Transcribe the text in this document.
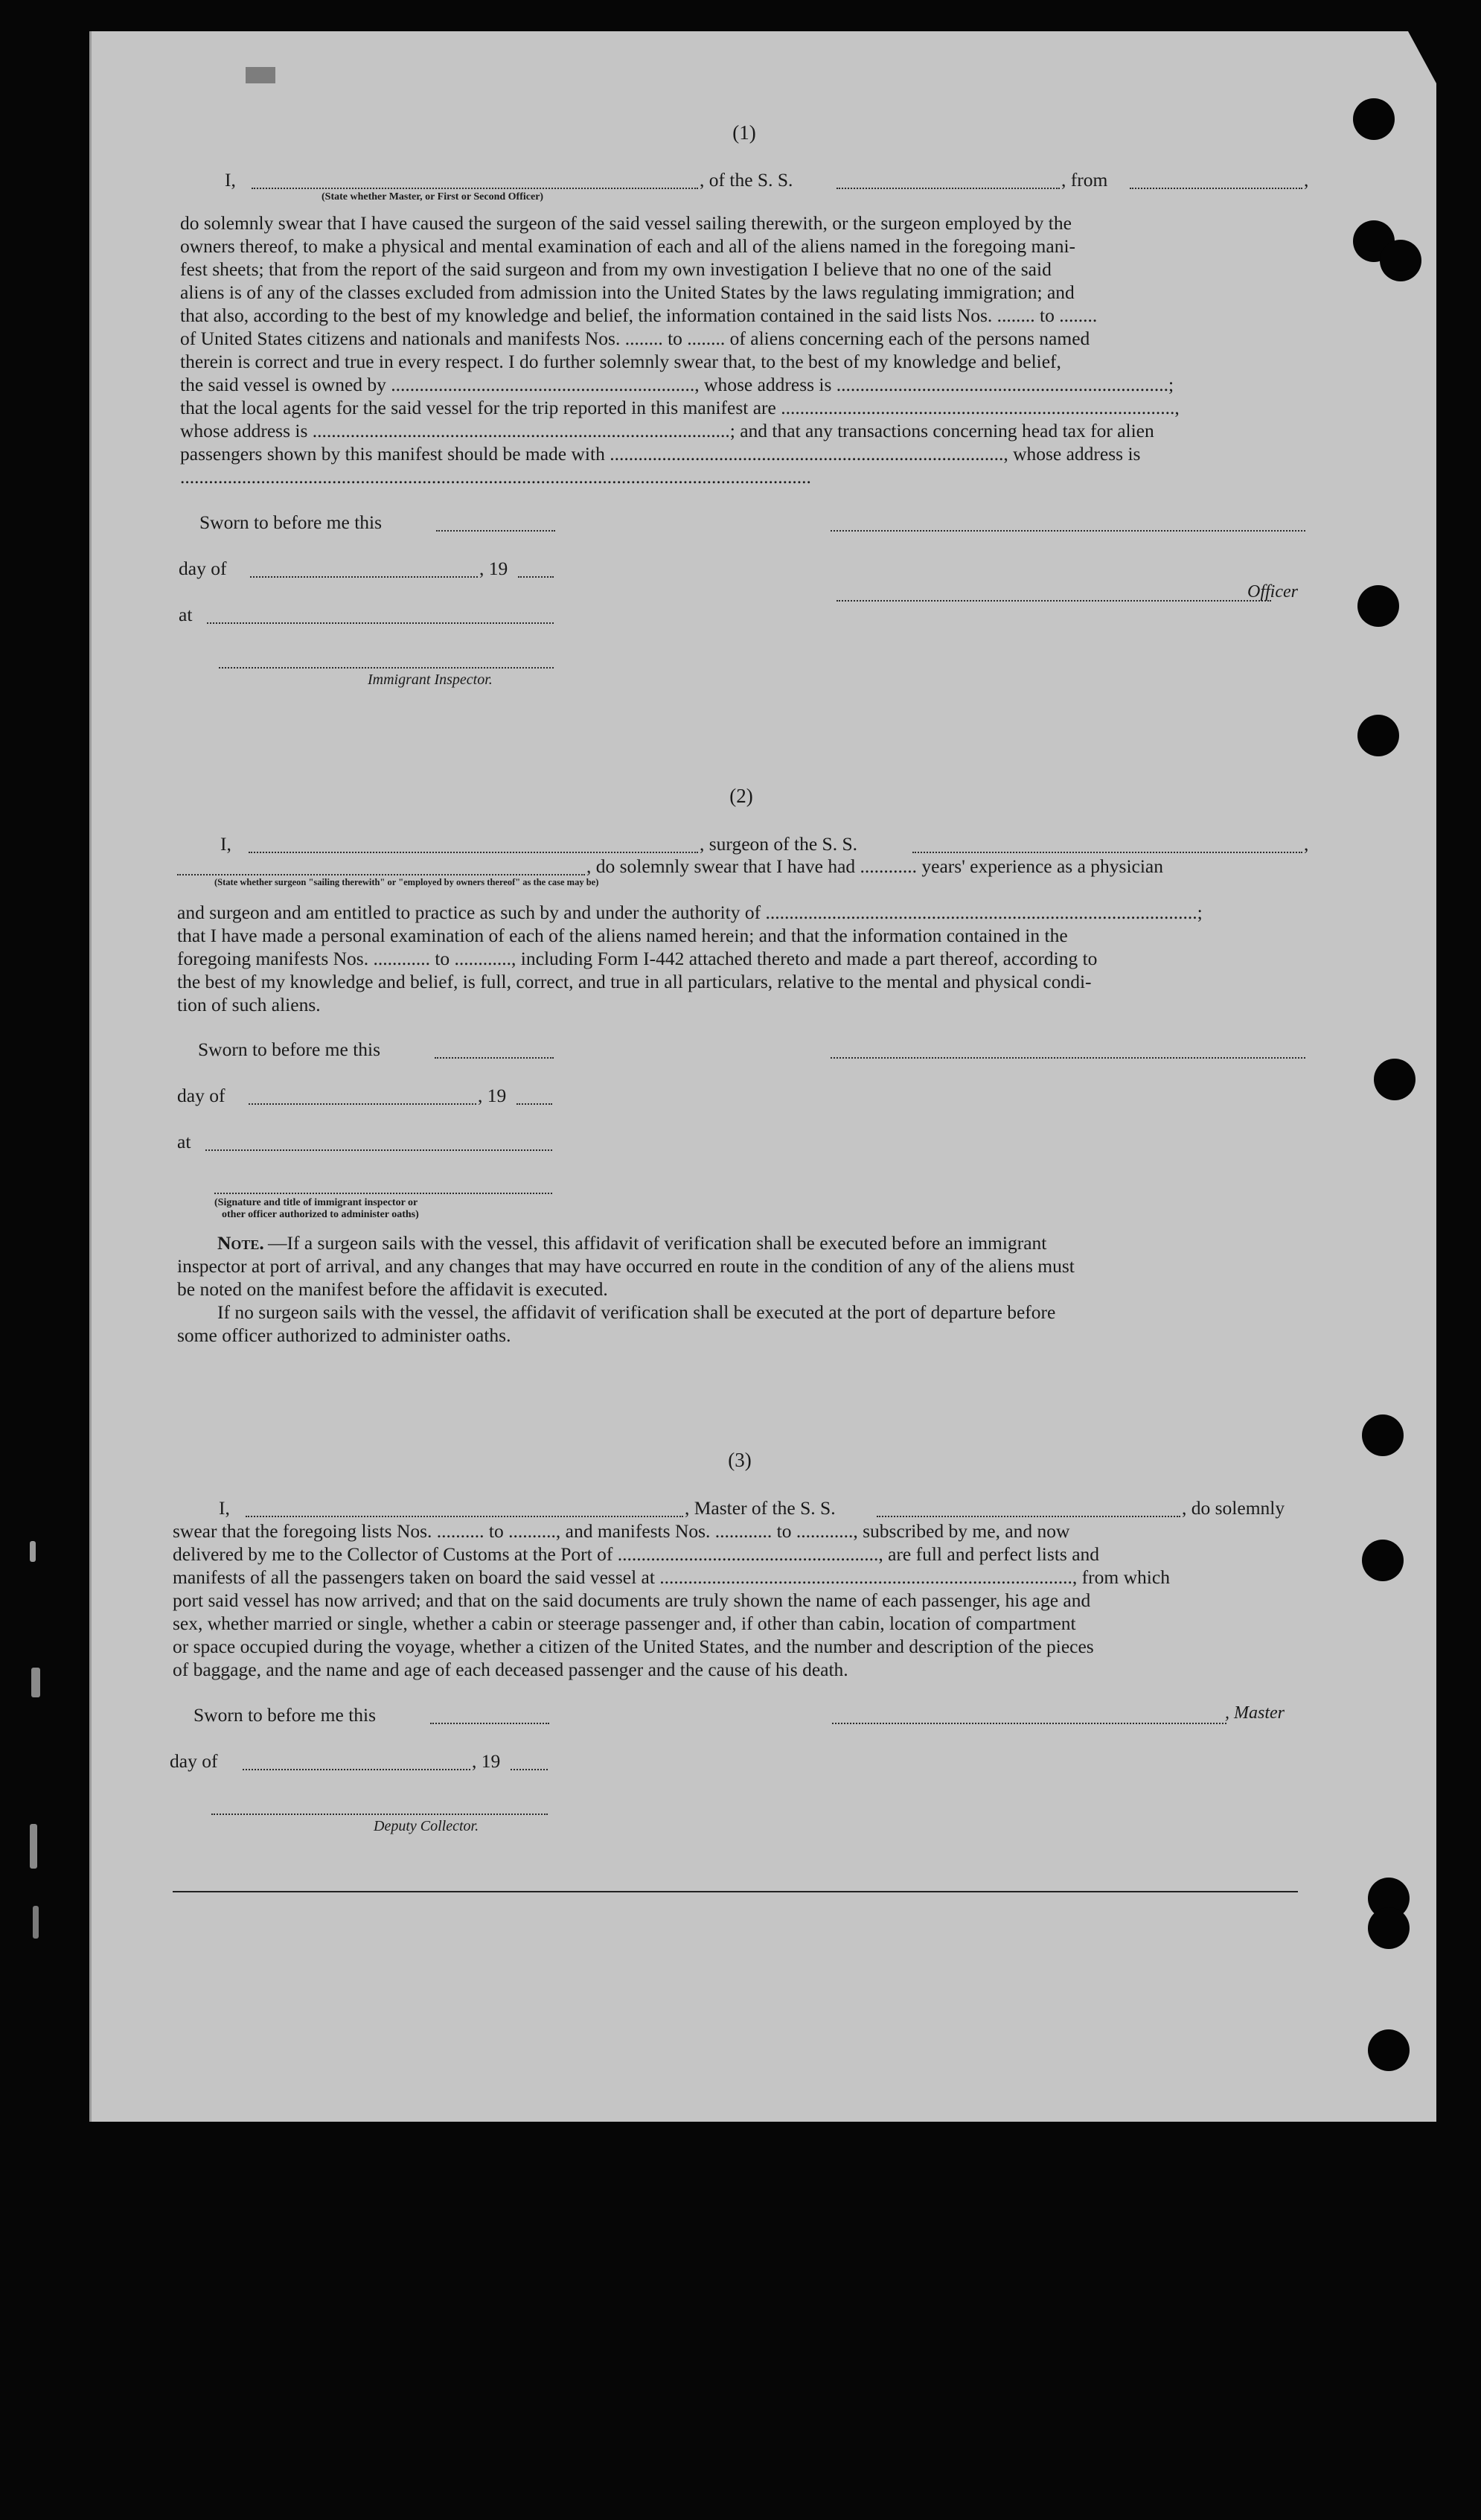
(1)
I,	, of the S. S.	, from	,
(State whether Master, or First or Second Officer)

do solemnly swear that I have caused the surgeon of the said vessel sailing therewith, or the surgeon employed by the

owners thereof, to make a physical and mental examination of each and all of the aliens named in the foregoing mani-

fest sheets; that from the report of the said surgeon and from my own investigation I believe that no one of the said

aliens is of any of the classes excluded from admission into the United States by the laws regulating immigration; and

that also, according to the best of my knowledge and belief, the information contained in the said lists Nos. ........ to ........

of United States citizens and nationals and manifests Nos. ........ to ........ of aliens concerning each of the persons named

therein is correct and true in every respect. I do further solemnly swear that, to the best of my knowledge and belief,

the said vessel is owned by ................................................................, whose address is ......................................................................;

that the local agents for the said vessel for the trip reported in this manifest are ...................................................................................,

whose address is ........................................................................................; and that any transactions concerning head tax for alien

passengers shown by this manifest should be made with ..................................................................................., whose address is

.....................................................................................................................................

Sworn to before me this
day of	, 19
Officer
at
Immigrant Inspector.
(2)
I,	, surgeon of the S. S.	,
, do solemnly swear that I have had ............ years' experience as a physician
(State whether surgeon "sailing therewith" or "employed by owners thereof" as the case may be)

and surgeon and am entitled to practice as such by and under the authority of ...........................................................................................;

that I have made a personal examination of each of the aliens named herein; and that the information contained in the

foregoing manifests Nos. ............ to ............, including Form I-442 attached thereto and made a part thereof, according to

the best of my knowledge and belief, is full, correct, and true in all particulars, relative to the mental and physical condi-

tion of such aliens.

Sworn to before me this
day of	, 19
at
(Signature and title of immigrant inspector or
other officer authorized to administer oaths)
Note. —If a surgeon sails with the vessel, this affidavit of verification shall be executed before an immigrant

inspector at port of arrival, and any changes that may have occurred en route in the condition of any of the aliens must

be noted on the manifest before the affidavit is executed.

If no surgeon sails with the vessel, the affidavit of verification shall be executed at the port of departure before

some officer authorized to administer oaths.

(3)
I,	, Master of the S. S.	, do solemnly

swear that the foregoing lists Nos. .......... to .........., and manifests Nos. ............ to ............, subscribed by me, and now

delivered by me to the Collector of Customs at the Port of ......................................................., are full and perfect lists and

manifests of all the passengers taken on board the said vessel at ......................................................................................., from which

port said vessel has now arrived; and that on the said documents are truly shown the name of each passenger, his age and

sex, whether married or single, whether a cabin or steerage passenger and, if other than cabin, location of compartment

or space occupied during the voyage, whether a citizen of the United States, and the number and description of the pieces

of baggage, and the name and age of each deceased passenger and the cause of his death.

Sworn to before me this	, Master
day of	, 19
Deputy Collector.
